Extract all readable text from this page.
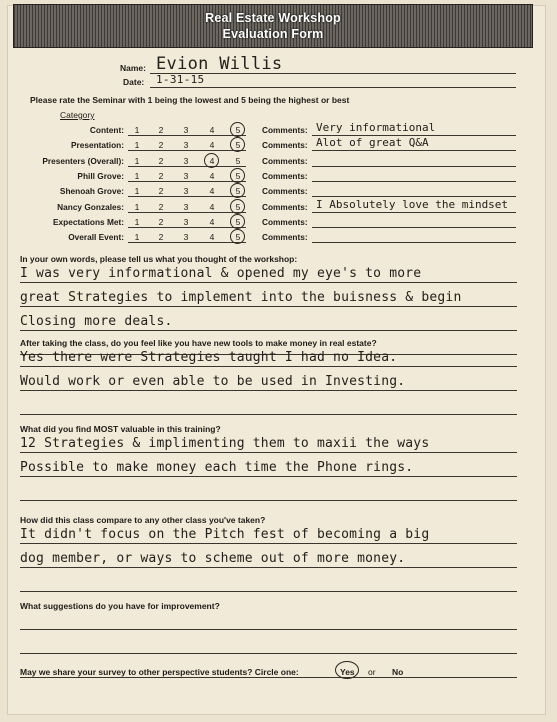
Real Estate Workshop
Evaluation Form
Name: Evion Willis
Date: 1-31-15
Please rate the Seminar with 1 being the lowest and 5 being the highest or best
Category
Content:	1	2	3	4	5	Comments: Very informational
Presentation:	1	2	3	4	5	Comments: Alot of great Q&A
Presenters (Overall):	1	2	3	4	5	Comments:
Phill Grove:	1	2	3	4	5	Comments:
Shenoah Grove:	1	2	3	4	5	Comments:
Nancy Gonzales:	1	2	3	4	5	Comments: I Absolutely love the mindset
Expectations Met:	1	2	3	4	5	Comments:
Overall Event:	1	2	3	4	5	Comments:
In your own words, please tell us what you thought of the workshop:
I was very informational & opened my eye's to more
great Strategies to implement into the buisness & begin
Closing more deals.
After taking the class, do you feel like you have new tools to make money in real estate?
Yes there were Strategies taught I had no Idea.
Would work or even able to be used in Investing.
What did you find MOST valuable in this training?
12 Strategies & implimenting them to maxii the ways
Possible to make money each time the Phone rings.
How did this class compare to any other class you've taken?
It didn't focus on the Pitch fest of becoming a big
dog member, or ways to scheme out of more money.
What suggestions do you have for improvement?
May we share your survey to other perspective students? Circle one:	Yes or No
